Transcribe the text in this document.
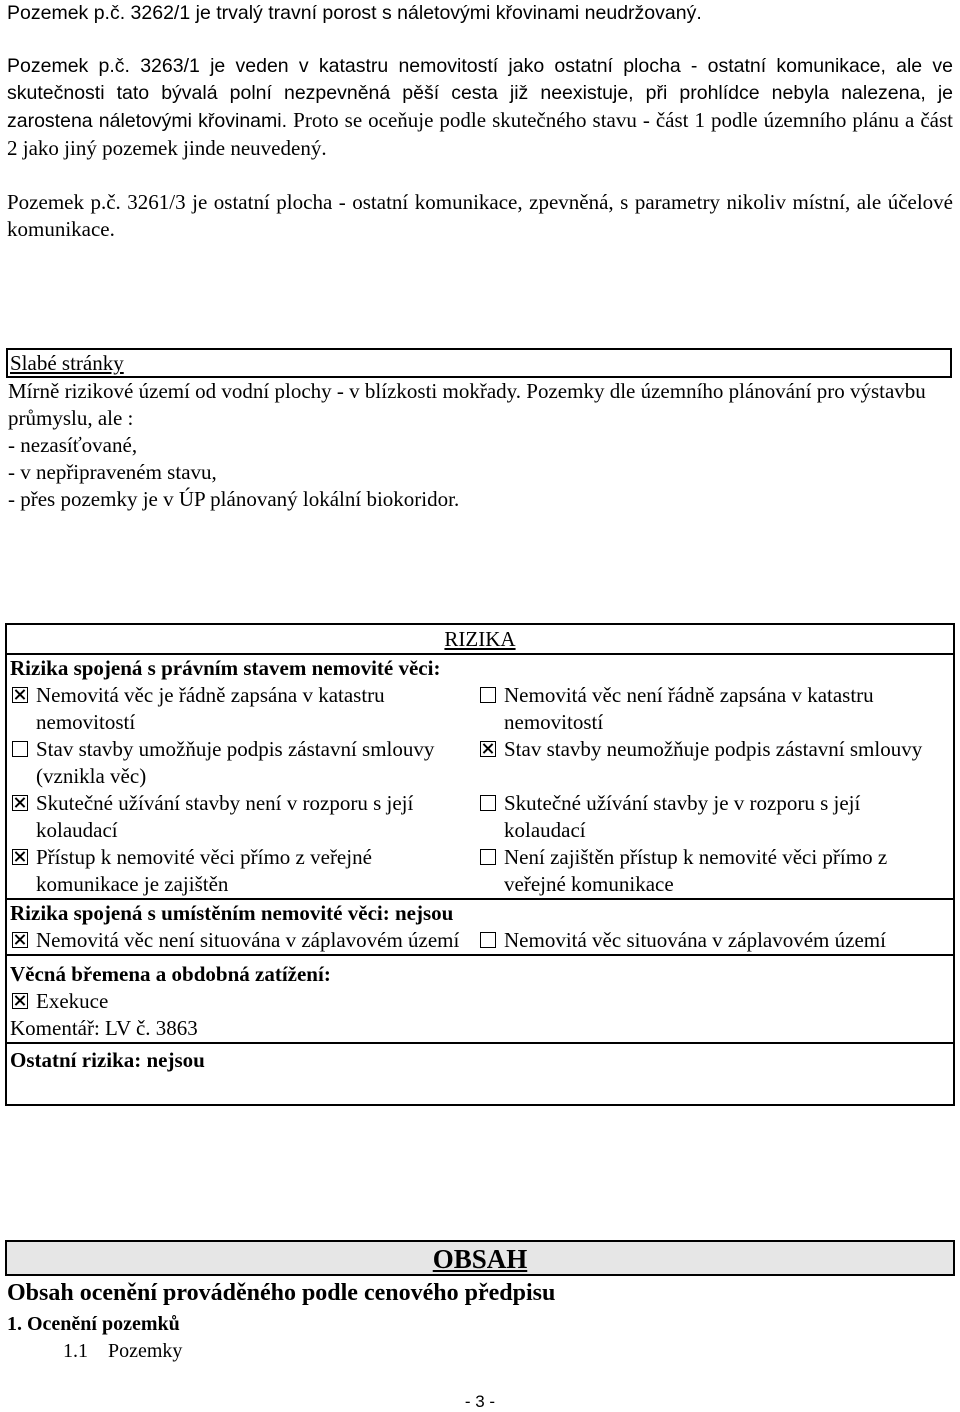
Pozemek p.č. 3262/1 je trvalý travní porost s náletovými křovinami neudržovaný.

Pozemek p.č. 3263/1 je veden v katastru nemovitostí jako ostatní plocha - ostatní komunikace, ale ve skutečnosti tato bývalá polní nezpevněná pěší cesta již neexistuje, při prohlídce nebyla nalezena, je zarostena náletovými křovinami. Proto se oceňuje podle skutečného stavu - část 1 podle územního plánu a část 2 jako jiný pozemek jinde neuvedený.

Pozemek p.č. 3261/3 je ostatní plocha - ostatní komunikace, zpevněná, s parametry nikoliv místní, ale účelové komunikace.

Slabé stránky
Mírně rizikové území od vodní plochy - v blízkosti mokřady. Pozemky dle územního plánování pro výstavbu průmyslu, ale :
- nezasíťované,
- v nepřipraveném stavu,
- přes pozemky je v ÚP plánovaný lokální biokoridor.
RIZIKA
Rizika spojená s právním stavem nemovité věci:
Nemovitá věc je řádně zapsána v katastru nemovitostí
Nemovitá věc není řádně zapsána v katastru nemovitostí
Stav stavby umožňuje podpis zástavní smlouvy (vznikla věc)
Stav stavby neumožňuje podpis zástavní smlouvy
Skutečné užívání stavby není v rozporu s její kolaudací
Skutečné užívání stavby je v rozporu s její kolaudací
Přístup k nemovité věci přímo z veřejné komunikace je zajištěn
Není zajištěn přístup k nemovité věci přímo z veřejné komunikace
Rizika spojená s umístěním nemovité věci: nejsou
Nemovitá věc není situována v záplavovém území	Nemovitá věc situována v záplavovém území
Věcná břemena a obdobná zatížení:
Exekuce
Komentář: LV č. 3863
Ostatní rizika: nejsou
OBSAH
Obsah ocenění prováděného podle cenového předpisu
1. Ocenění pozemků
1.1    Pozemky
- 3 -
